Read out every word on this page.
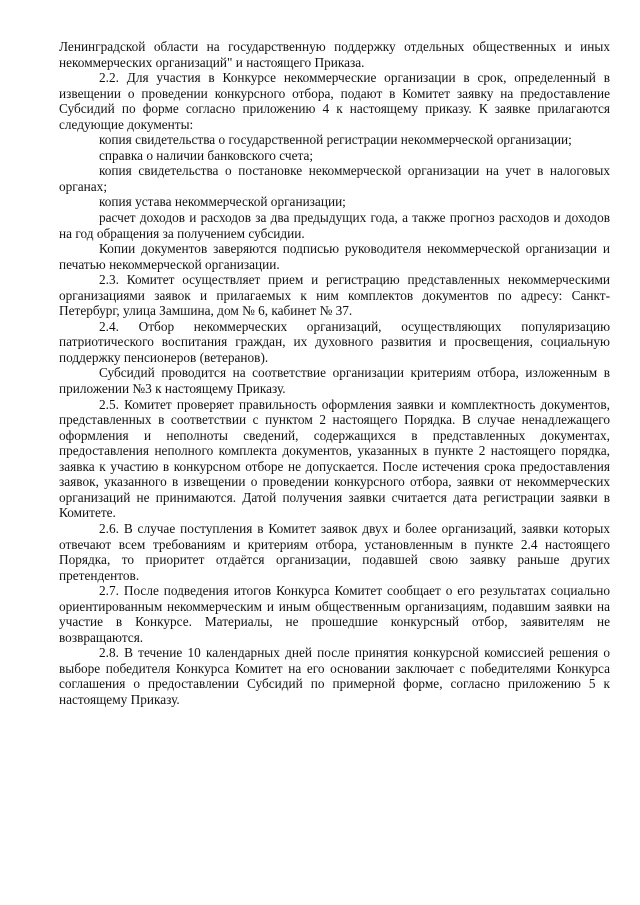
Ленинградской области на государственную поддержку отдельных общественных и иных некоммерческих организаций" и настоящего Приказа.

2.2. Для участия в Конкурсе некоммерческие организации в срок, определенный в извещении о проведении конкурсного отбора, подают в Комитет заявку на предоставление Субсидий по форме согласно приложению 4 к настоящему приказу. К заявке прилагаются следующие документы:

копия свидетельства о государственной регистрации некоммерческой организации;

справка о наличии банковского счета;

копия свидетельства о постановке некоммерческой организации на учет в налоговых органах;

копия устава некоммерческой организации;

расчет доходов и расходов за два предыдущих года, а также прогноз расходов и доходов на год обращения за получением субсидии.

Копии документов заверяются подписью руководителя некоммерческой организации и печатью некоммерческой организации.

2.3. Комитет осуществляет прием и регистрацию представленных некоммерческими организациями заявок и прилагаемых к ним комплектов документов по адресу: Санкт-Петербург, улица Замшина, дом № 6, кабинет № 37.

2.4. Отбор некоммерческих организаций, осуществляющих популяризацию патриотического воспитания граждан, их духовного развития и просвещения, социальную поддержку пенсионеров (ветеранов).

Субсидий проводится на соответствие организации критериям отбора, изложенным в приложении №3 к настоящему Приказу.

2.5. Комитет проверяет правильность оформления заявки и комплектность документов, представленных в соответствии с пунктом 2 настоящего Порядка. В случае ненадлежащего оформления и неполноты сведений, содержащихся в представленных документах, предоставления неполного комплекта документов, указанных в пункте 2 настоящего порядка, заявка к участию в конкурсном отборе не допускается. После истечения срока предоставления заявок, указанного в извещении о проведении конкурсного отбора, заявки от некоммерческих организаций не принимаются. Датой получения заявки считается дата регистрации заявки в Комитете.

2.6. В случае поступления в Комитет заявок двух и более организаций, заявки которых отвечают всем требованиям и критериям отбора, установленным в пункте 2.4 настоящего Порядка, то приоритет отдаётся организации, подавшей свою заявку раньше других претендентов.

2.7. После подведения итогов Конкурса Комитет сообщает о его результатах социально ориентированным некоммерческим и иным общественным организациям, подавшим заявки на участие в Конкурсе. Материалы, не прошедшие конкурсный отбор, заявителям не возвращаются.

2.8. В течение 10 календарных дней после принятия конкурсной комиссией решения о выборе победителя Конкурса Комитет на его основании заключает с победителями Конкурса соглашения о предоставлении Субсидий по примерной форме, согласно приложению 5 к настоящему Приказу.
